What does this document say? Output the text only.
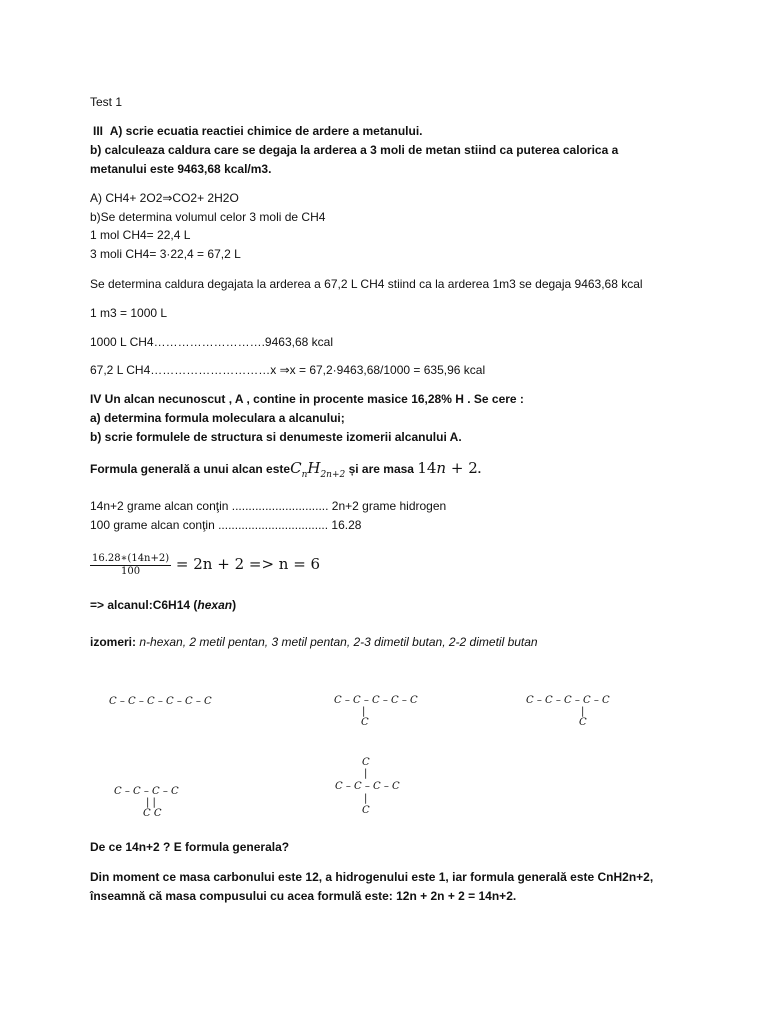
Test 1
III A) scrie ecuatia reactiei chimice de ardere a metanului.
b) calculeaza caldura care se degaja la arderea a 3 moli de metan stiind ca puterea calorica a
metanului este 9463,68 kcal/m3.
A) CH4+ 2O2⇒CO2+ 2H2O
b)Se determina volumul celor 3 moli de CH4
1 mol CH4= 22,4 L
3 moli CH4= 3·22,4 = 67,2 L
Se determina caldura degajata la arderea a 67,2 L CH4 stiind ca la arderea 1m3 se degaja 9463,68 kcal
1 m3 = 1000 L
1000 L CH4……………………….9463,68 kcal
67,2 L CH4…………………………x ⇒x = 67,2·9463,68/1000 = 635,96 kcal
IV Un alcan necunoscut , A , contine in procente masice 16,28% H . Se cere :
a) determina formula moleculara a alcanului;
b) scrie formulele de structura si denumeste izomerii alcanului A.
Formula generală a unui alcan $esteC_nH_{2n+2}$ și are masa 14n + 2.
14n+2 grame alcan conţin ............................. 2n+2 grame hidrogen
100 grame alcan conţin ................................. 16.28
$\frac{16.28∗(14n+2)}{100} = 2n + 2 => n = 6$
=> alcanul:C6H14 (hexan)
izomeri: n-hexan, 2 metil pentan, 3 metil pentan, 2-3 dimetil butan, 2-2 dimetil butan
C – C – C – C – C – C	C – C – C – C – C
|
C
C – C – C – C – C
|
C
C – C – C – C
| |
C C
C
|
C – C – C – C
|
C
De ce 14n+2 ? E formula generala?
Din moment ce masa carbonului este 12, a hidrogenului este 1, iar formula generală este CnH2n+2,
înseamnă că masa compusului cu acea formulă este: 12n + 2n + 2 = 14n+2.
